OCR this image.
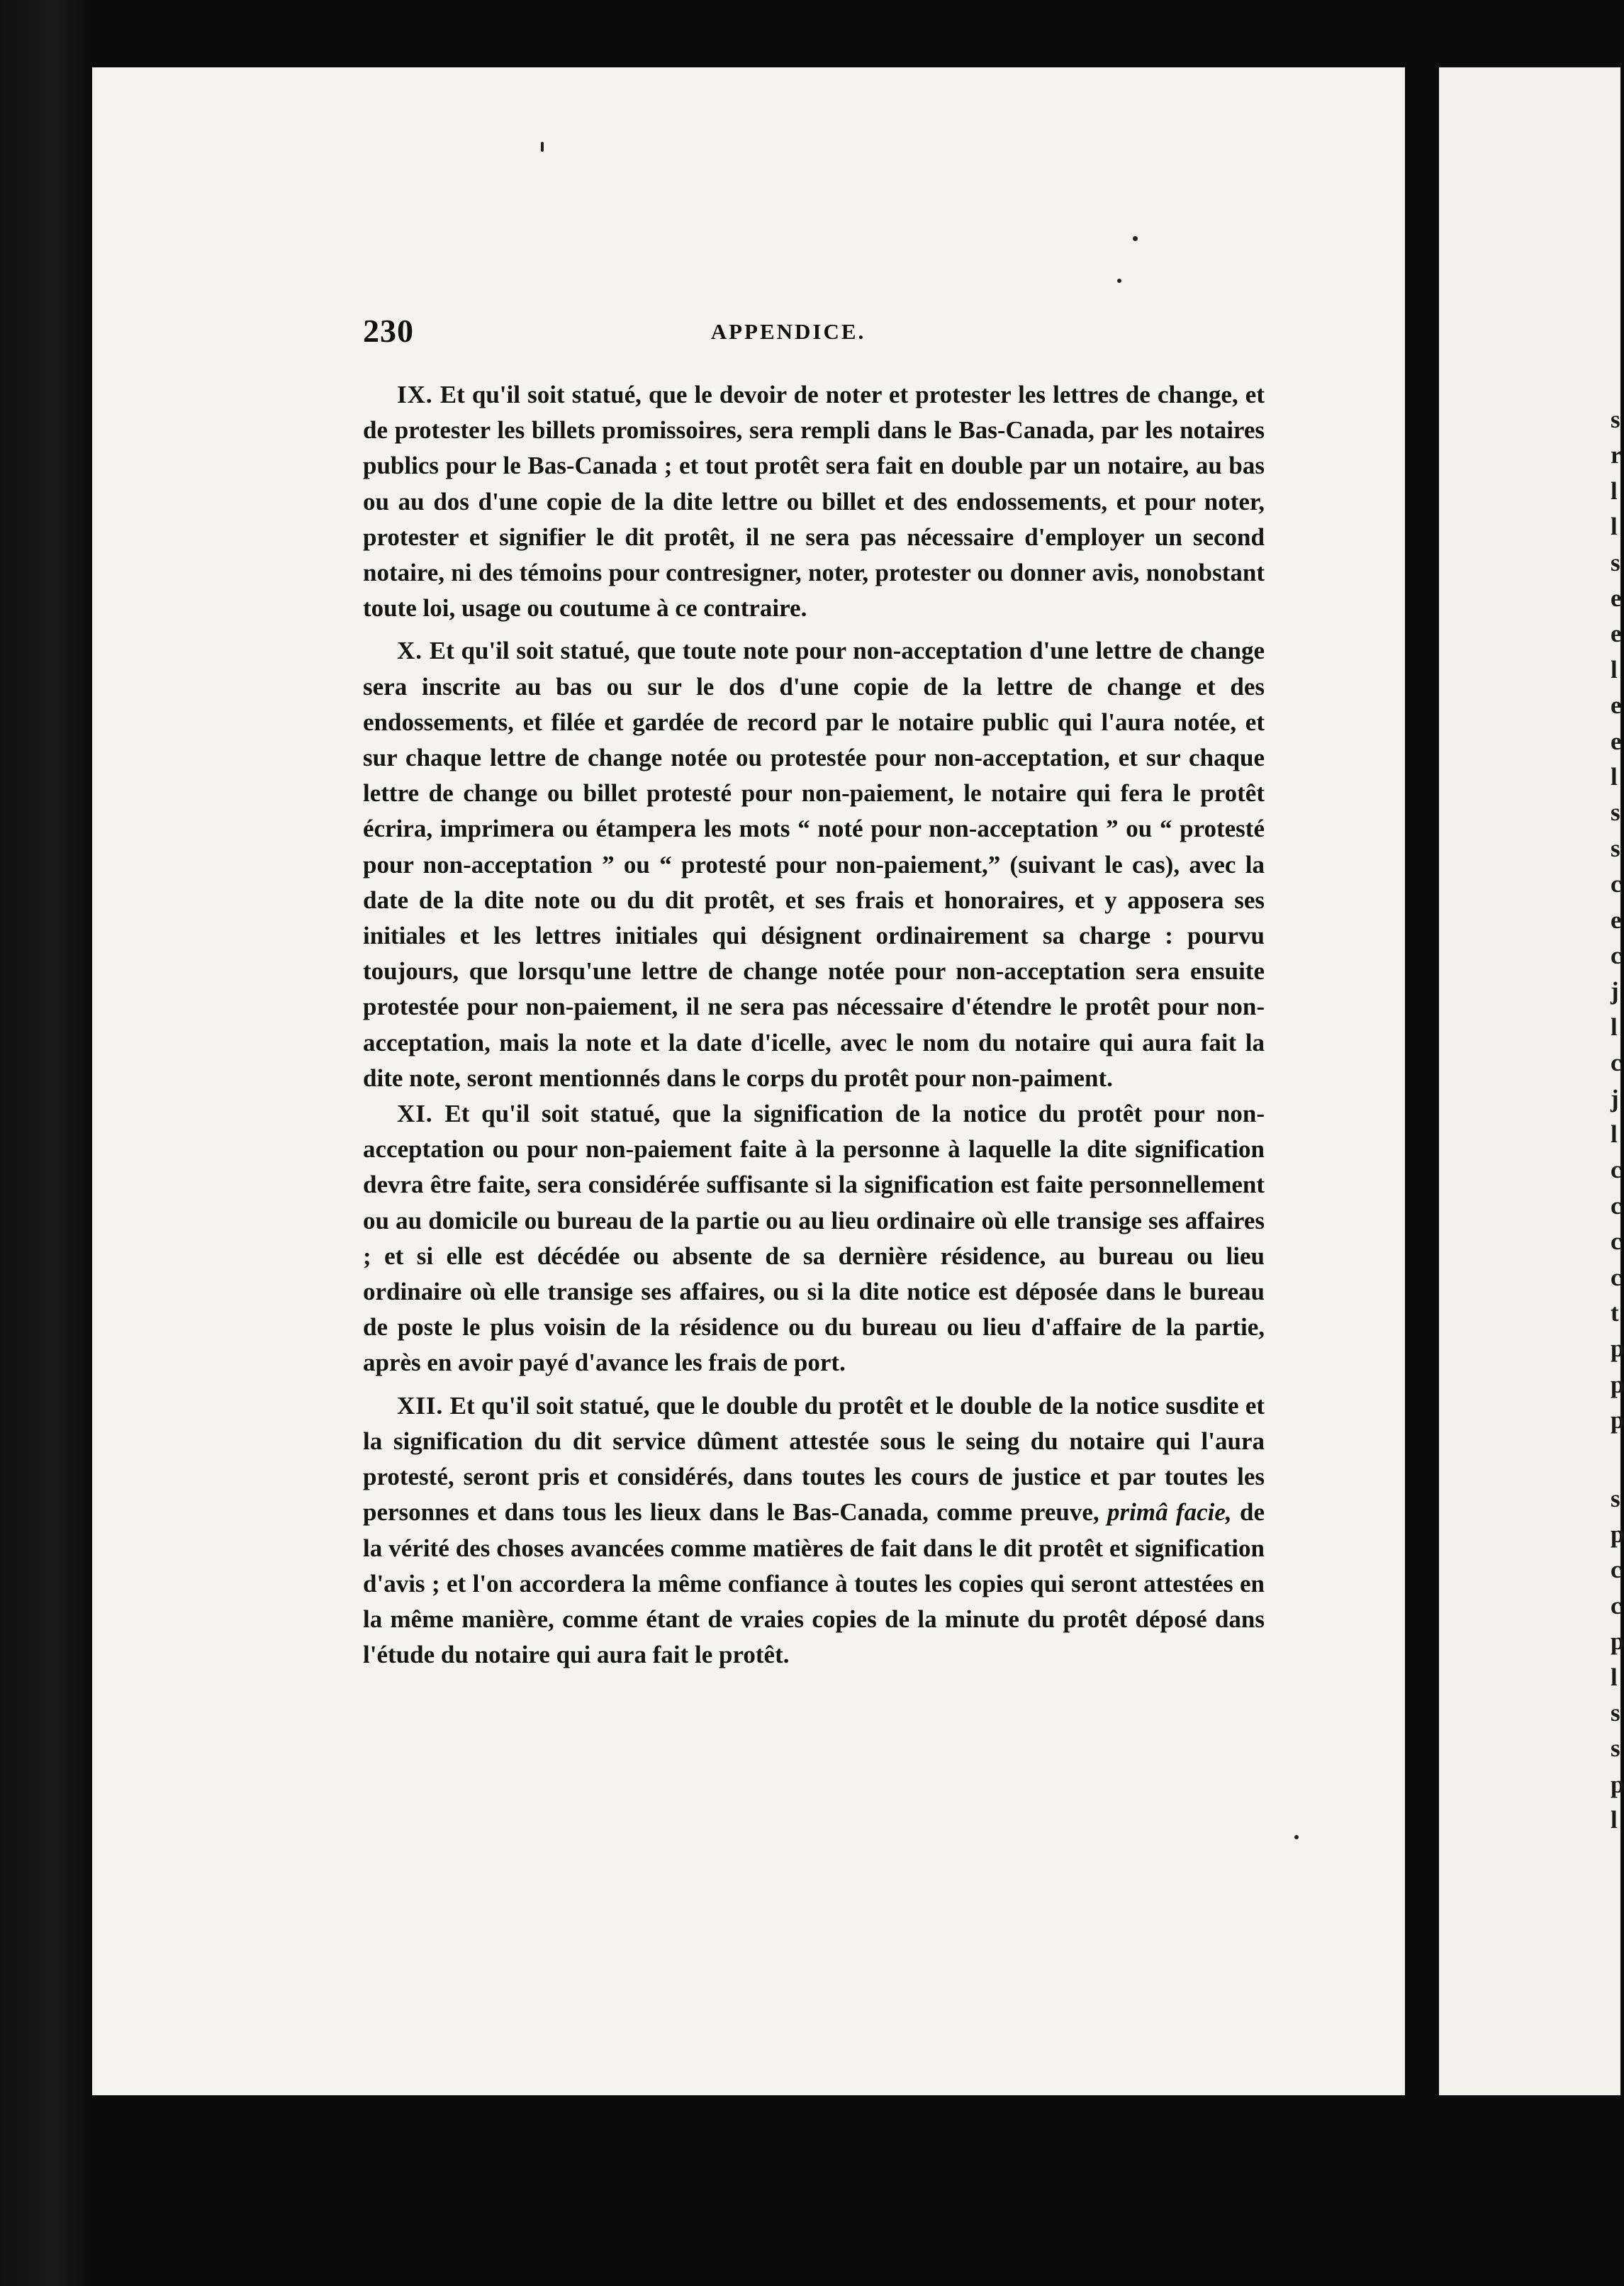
230	APPENDICE.

IX. Et qu'il soit statué, que le devoir de noter et protester les lettres de change, et de protester les billets promissoires, sera rempli dans le Bas-Canada, par les notaires publics pour le Bas-Canada ; et tout protêt sera fait en double par un notaire, au bas ou au dos d'une copie de la dite lettre ou billet et des endossements, et pour noter, protester et signifier le dit protêt, il ne sera pas nécessaire d'employer un second notaire, ni des témoins pour contresigner, noter, protester ou donner avis, nonobstant toute loi, usage ou coutume à ce contraire.

X. Et qu'il soit statué, que toute note pour non-acceptation d'une lettre de change sera inscrite au bas ou sur le dos d'une copie de la lettre de change et des endossements, et filée et gardée de record par le notaire public qui l'aura notée, et sur chaque lettre de change notée ou protestée pour non-acceptation, et sur chaque lettre de change ou billet protesté pour non-paiement, le notaire qui fera le protêt écrira, imprimera ou étampera les mots “ noté pour non-acceptation ” ou “ protesté pour non-acceptation ” ou “ protesté pour non-paiement,” (suivant le cas), avec la date de la dite note ou du dit protêt, et ses frais et honoraires, et y apposera ses initiales et les lettres initiales qui désignent ordinairement sa charge : pourvu toujours, que lorsqu'une lettre de change notée pour non-acceptation sera ensuite protestée pour non-paiement, il ne sera pas nécessaire d'étendre le protêt pour non-acceptation, mais la note et la date d'icelle, avec le nom du notaire qui aura fait la dite note, seront mentionnés dans le corps du protêt pour non-paiment.

XI. Et qu'il soit statué, que la signification de la notice du protêt pour non-acceptation ou pour non-paiement faite à la personne à laquelle la dite signification devra être faite, sera considérée suffisante si la signification est faite personnellement ou au domicile ou bureau de la partie ou au lieu ordinaire où elle transige ses affaires ; et si elle est décédée ou absente de sa dernière résidence, au bureau ou lieu ordinaire où elle transige ses affaires, ou si la dite notice est déposée dans le bureau de poste le plus voisin de la résidence ou du bureau ou lieu d'affaire de la partie, après en avoir payé d'avance les frais de port.

XII. Et qu'il soit statué, que le double du protêt et le double de la notice susdite et la signification du dit service dûment attestée sous le seing du notaire qui l'aura protesté, seront pris et considérés, dans toutes les cours de justice et par toutes les personnes et dans tous les lieux dans le Bas-Canada, comme preuve, primâ facie, de la vérité des choses avancées comme matières de fait dans le dit protêt et signification d'avis ; et l'on accordera la même confiance à toutes les copies qui seront attestées en la même manière, comme étant de vraies copies de la minute du protêt déposé dans l'étude du notaire qui aura fait le protêt.

s
r
l
l
s
e
e
l
e
e
l
s
s
c
e
c
j
l
c
j
l
c
c
c
c
t
p
p
p
s
p
c
c
p
l
s
s
p
l
